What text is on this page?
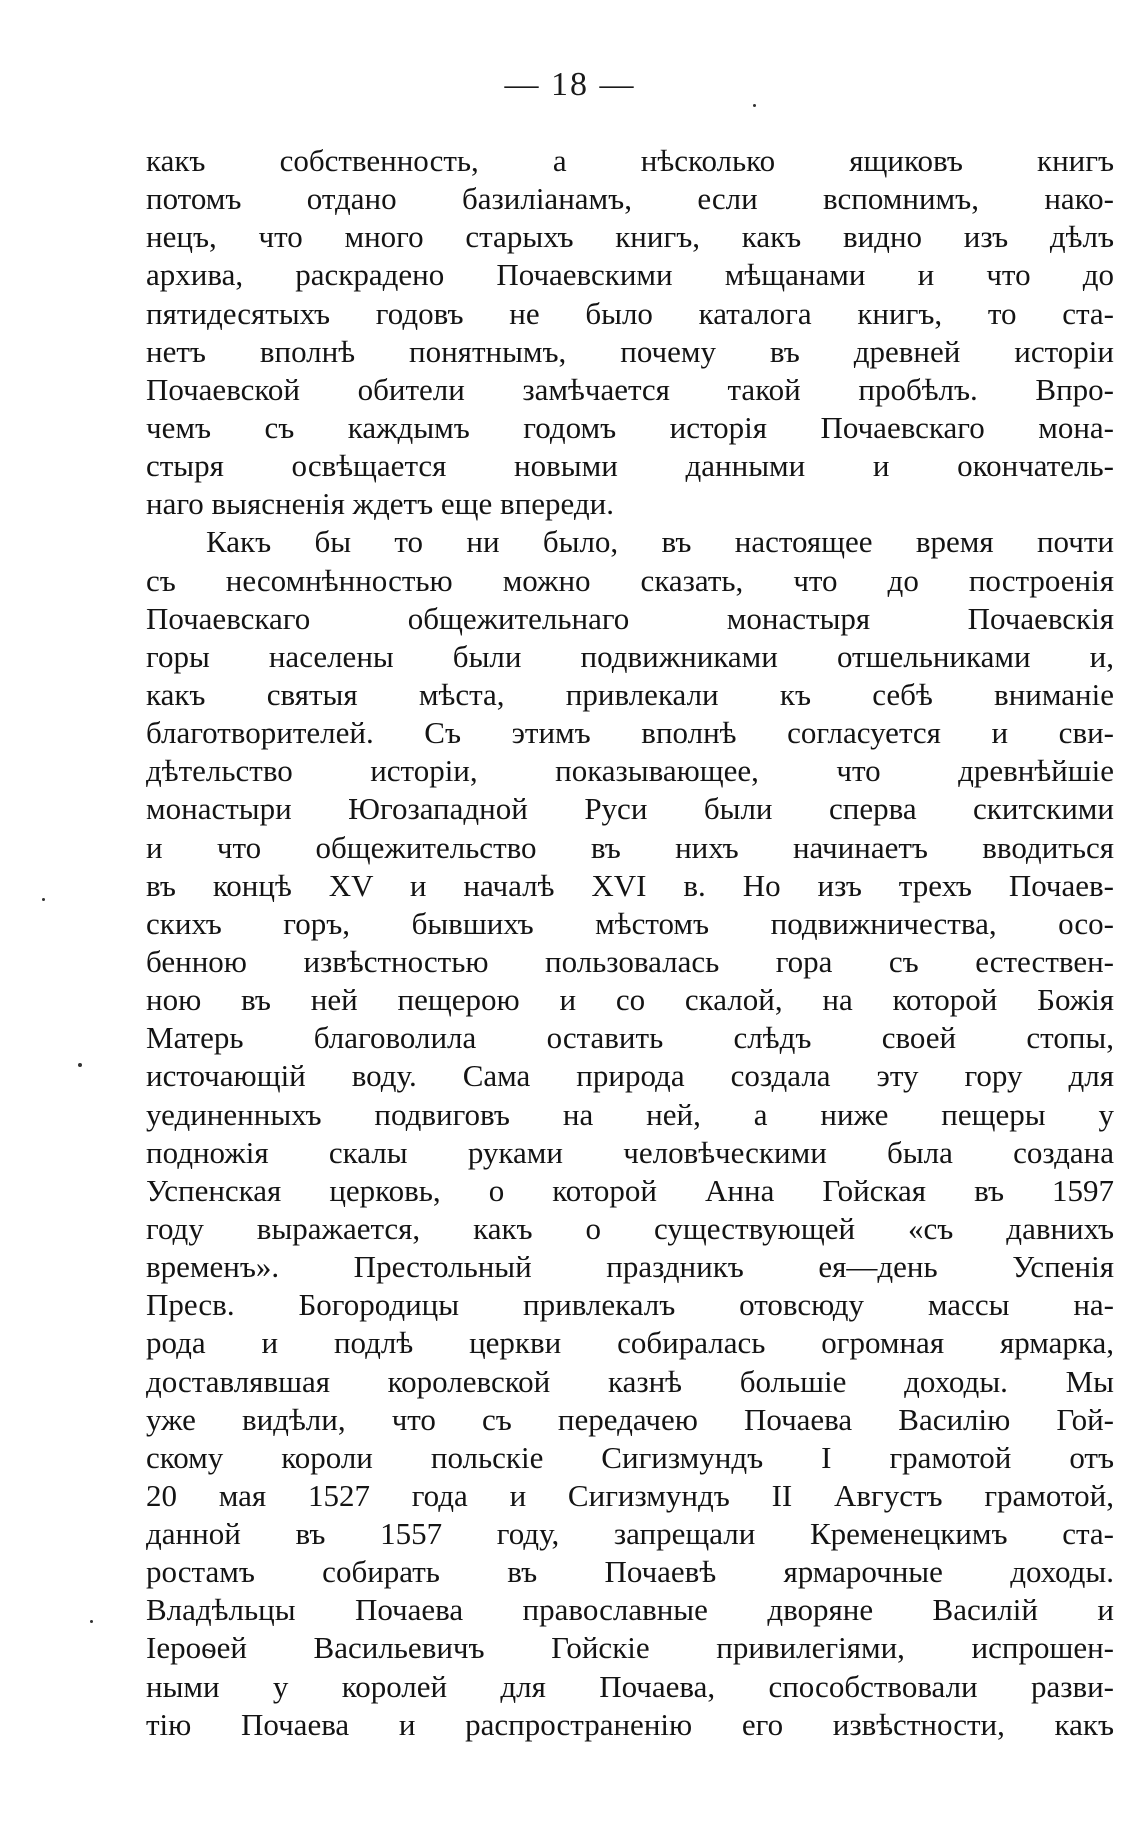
— 18 —
какъ собственность, а нѣсколько ящиковъ книгъ
потомъ отдано базиліанамъ, если вспомнимъ, нако-
нецъ, что много старыхъ книгъ, какъ видно изъ дѣлъ
архива, раскрадено Почаевскими мѣщанами и что до
пятидесятыхъ годовъ не было каталога книгъ, то ста-
нетъ вполнѣ понятнымъ, почему въ древней исторіи
Почаевской обители замѣчается такой пробѣлъ. Впро-
чемъ съ каждымъ годомъ исторія Почаевскаго мона-
стыря освѣщается новыми данными и окончатель-
наго выясненія ждетъ еще впереди.
Какъ бы то ни было, въ настоящее время почти
съ несомнѣнностью можно сказать, что до построенія
Почаевскаго общежительнаго монастыря Почаевскія
горы населены были подвижниками отшельниками и,
какъ святыя мѣста, привлекали къ себѣ вниманіе
благотворителей. Съ этимъ вполнѣ согласуется и сви-
дѣтельство исторіи, показывающее, что древнѣйшіе
монастыри Югозападной Руси были сперва скитскими
и что общежительство въ нихъ начинаетъ вводиться
въ концѣ XV и началѣ XVI в. Но изъ трехъ Почаев-
скихъ горъ, бывшихъ мѣстомъ подвижничества, осо-
бенною извѣстностью пользовалась гора съ естествен-
ною въ ней пещерою и со скалой, на которой Божія
Матерь благоволила оставить слѣдъ своей стопы,
источающій воду. Сама природа создала эту гору для
уединенныхъ подвиговъ на ней, а ниже пещеры у
подножія скалы руками человѣческими была создана
Успенская церковь, о которой Анна Гойская въ 1597
году выражается, какъ о существующей «съ давнихъ
временъ». Престольный праздникъ ея—день Успенія
Пресв. Богородицы привлекалъ отовсюду массы на-
рода и подлѣ церкви собиралась огромная ярмарка,
доставлявшая королевской казнѣ большіе доходы. Мы
уже видѣли, что съ передачею Почаева Василію Гой-
скому короли польскіе Сигизмундъ I грамотой отъ
20 мая 1527 года и Сигизмундъ II Августъ грамотой,
данной въ 1557 году, запрещали Кременецкимъ ста-
ростамъ собирать въ Почаевѣ ярмарочные доходы.
Владѣльцы Почаева православные дворяне Василій и
Іероѳей Васильевичъ Гойскіе привилегіями, испрошен-
ными у королей для Почаева, способствовали разви-
тію Почаева и распространенію его извѣстности, какъ
